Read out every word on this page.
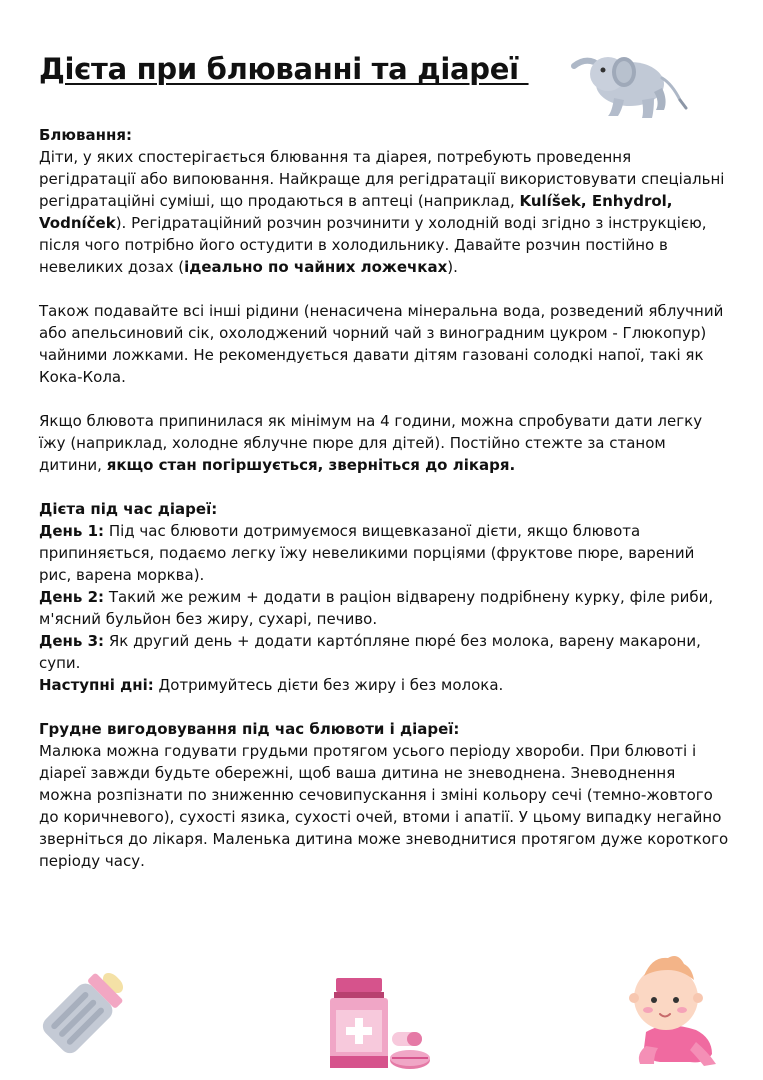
Дієта при блюванні та діареї

Блювання:
Діти, у яких спостерігається блювання та діарея, потребують проведення регідратації або випоювання. Найкраще для регідратації використовувати спеціальні регідратаційні суміші, що продаються в аптеці (наприклад, Kulíšek, Enhydrol, Vodníček). Регідратаційний розчин розчинити у холодній воді згідно з інструкцією, після чого потрібно його остудити в холодильнику. Давайте розчин постійно в невеликих дозах (ідеально по чайних ложечках).

Також подавайте всі інші рідини (ненасичена мінеральна вода, розведений яблучний або апельсиновий сік, охолоджений чорний чай з виноградним цукром - Глюкопур) чайними ложками. Не рекомендується давати дітям газовані солодкі напої, такі як Кока-Кола.

Якщо блювота припинилася як мінімум на 4 години, можна спробувати дати легку їжу (наприклад, холодне яблучне пюре для дітей). Постійно стежте за станом дитини, якщо стан погіршується, зверніться до лікаря.

Дієта під час діареї:
День 1: Під час блювоти дотримуємося вищевказаної дієти, якщо блювота припиняється, подаємо легку їжу невеликими порціями (фруктове пюре, варений рис, варена морква).
День 2: Такий же режим + додати в раціон відварену подрібнену курку, філе риби, м'ясний бульйон без жиру, сухарі, печиво.
День 3: Як другий день + додати картóпляне пюрé без молока, варену макарони, супи.
Наступні дні: Дотримуйтесь дієти без жиру і без молока.

Грудне вигодовування під час блювоти і діареї:
Малюка можна годувати грудьми протягом усього періоду хвороби. При блювоті і діареї завжди будьте обережні, щоб ваша дитина не зневоднена. Зневоднення можна розпізнати по зниженню сечовипускання і зміні кольору сечі (темно-жовтого до коричневого), сухості язика, сухості очей, втоми і апатії. У цьому випадку негайно зверніться до лікаря. Маленька дитина може зневоднитися протягом дуже короткого періоду часу.
